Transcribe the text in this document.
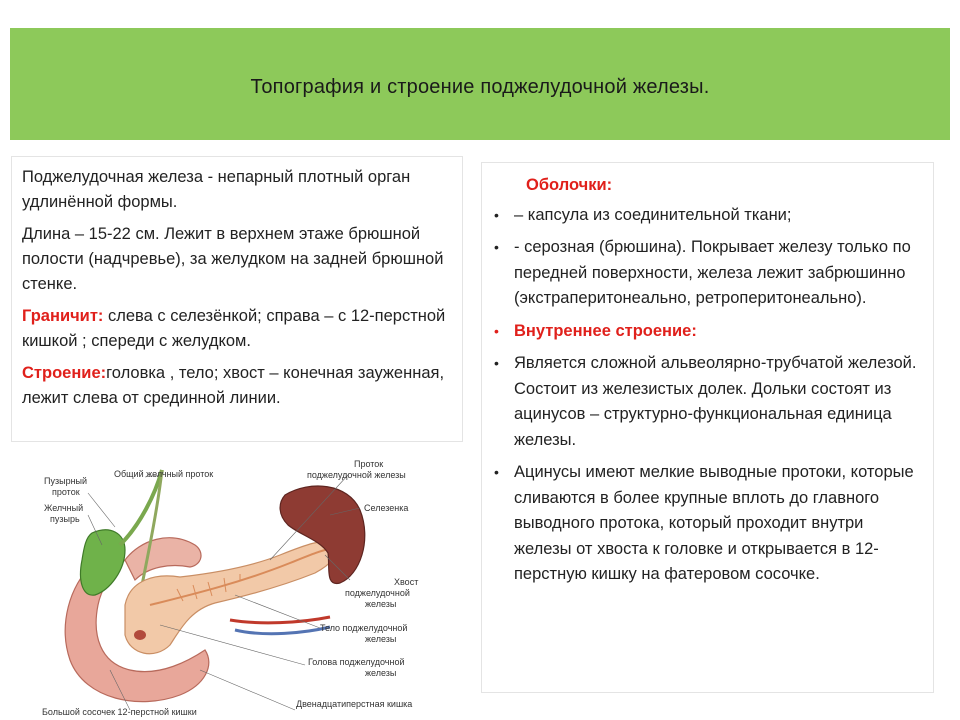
Топография и строение поджелудочной железы.

Поджелудочная железа - непарный плотный орган удлинённой формы.

Длина – 15-22 см. Лежит в верхнем этаже брюшной полости (надчревье), за желудком на задней брюшной стенке.

Граничит: слева с селезёнкой; справа – с 12-перстной кишкой ; спереди с желудком.

Строение:головка , тело; хвост – конечная зауженная, лежит слева от срединной линии.

Оболочки:
• – капсула из соединительной ткани;
• - серозная (брюшина). Покрывает железу только по передней поверхности, железа лежит забрюшинно (экстраперитонеально, ретроперитонеально).
• Внутреннее строение:
• Является сложной альвеолярно-трубчатой железой. Состоит из железистых долек. Дольки состоят из ацинусов – структурно-функциональная единица железы.
• Ацинусы имеют мелкие выводные протоки, которые сливаются в более крупные вплоть до главного выводного протока, который проходит внутри железы от хвоста к головке и открывается в 12-перстную кишку на фатеровом сосочке.
Пузырный
проток
Желчный
пузырь
Общий желчный проток
Проток
поджелудочной железы
Селезенка
Хвост
поджелудочной
железы
Тело поджелудочной
железы
Голова поджелудочной
железы
Двенадцатиперстная кишка
Большой сосочек 12-перстной кишки
